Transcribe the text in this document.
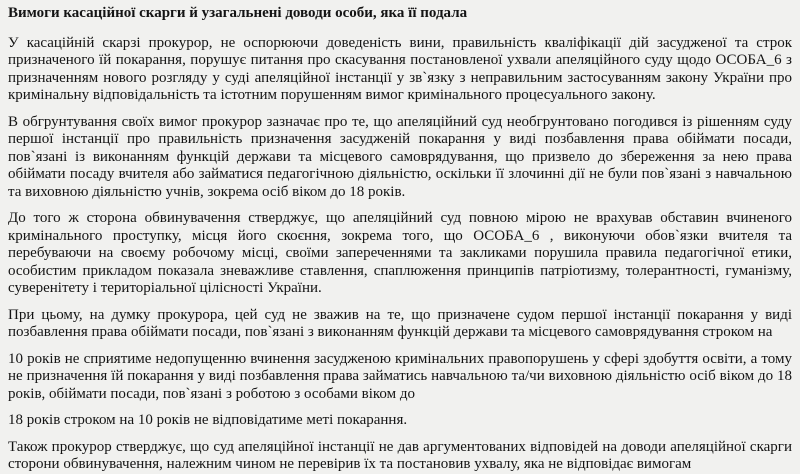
Вимоги касаційної скарги й узагальнені доводи особи, яка її подала

У касаційній скарзі прокурор, не оспорюючи доведеність вини, правильність кваліфікації дій засудженої та строк призначеного їй покарання, порушує питання про скасування постановленої ухвали апеляційного суду щодо ОСОБА_6 з призначенням нового розгляду у суді апеляційної інстанції у зв`язку з неправильним застосуванням закону України про кримінальну відповідальність та істотним порушенням вимог кримінального процесуального закону.

В обгрунтування своїх вимог прокурор зазначає про те, що апеляційний суд необгрунтовано погодився із рішенням суду першої інстанції про правильність призначення засудженій покарання у виді позбавлення права обіймати посади, пов`язані із виконанням функцій держави та місцевого самоврядування, що призвело до збереження за нею права обіймати посаду вчителя або займатися педагогічною діяльністю, оскільки її злочинні дії не були пов`язані з навчальною та виховною діяльністю учнів, зокрема осіб віком до 18 років.

До того ж сторона обвинувачення стверджує, що апеляційний суд повною мірою не врахував обставин вчиненого кримінального проступку, місця його скоєння, зокрема того, що ОСОБА_6 , виконуючи обов`язки вчителя та перебуваючи на своєму робочому місці, своїми запереченнями та закликами порушила правила педагогічної етики, особистим прикладом показала зневажливе ставлення, спаплюження принципів патріотизму, толерантності, гуманізму, суверенітету і територіальної цілісності України.

При цьому, на думку прокурора, цей суд не зважив на те, що призначене судом першої інстанції покарання у виді позбавлення права обіймати посади, пов`язані з виконанням функцій держави та місцевого самоврядування строком на

10 років не сприятиме недопущенню вчинення засудженою кримінальних правопорушень у сфері здобуття освіти, а тому не призначення їй покарання у виді позбавлення права займатись навчальною та/чи виховною діяльністю осіб віком до 18 років, обіймати посади, пов`язані з роботою з особами віком до

18 років строком на 10 років не відповідатиме меті покарання.

Також прокурор стверджує, що суд апеляційної інстанції не дав аргументованих відповідей на доводи апеляційної скарги сторони обвинувачення, належним чином не перевірив їх та постановив ухвалу, яка не відповідає вимогам
